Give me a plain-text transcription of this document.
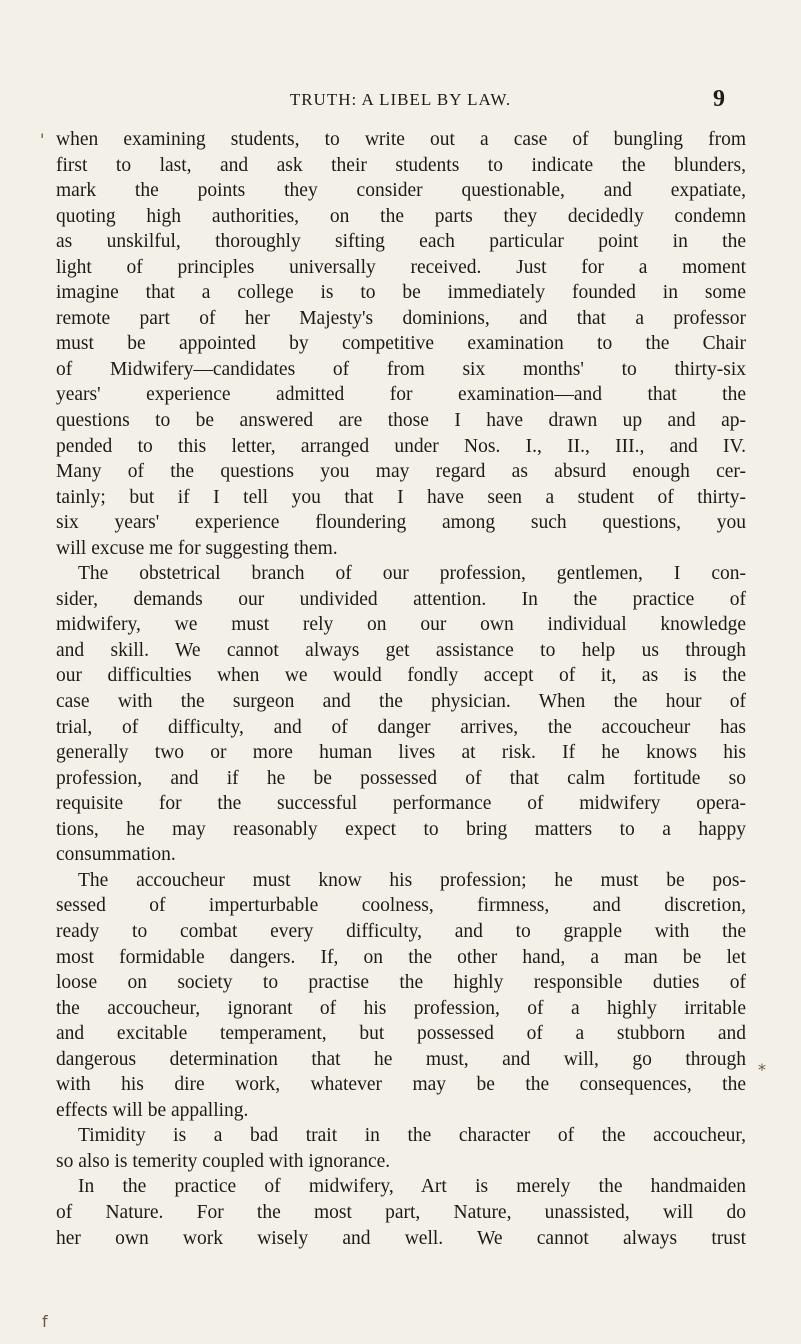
TRUTH: A LIBEL BY LAW.	9
'
*
f
when examining students, to write out a case of bungling from
first to last, and ask their students to indicate the blunders,
mark the points they consider questionable, and expatiate,
quoting high authorities, on the parts they decidedly condemn
as unskilful, thoroughly sifting each particular point in the
light of principles universally received. Just for a moment
imagine that a college is to be immediately founded in some
remote part of her Majesty's dominions, and that a professor
must be appointed by competitive examination to the Chair
of Midwifery—candidates of from six months' to thirty-six
years' experience admitted for examination—and that the
questions to be answered are those I have drawn up and ap-
pended to this letter, arranged under Nos. I., II., III., and IV.
Many of the questions you may regard as absurd enough cer-
tainly; but if I tell you that I have seen a student of thirty-
six years' experience floundering among such questions, you
will excuse me for suggesting them.
The obstetrical branch of our profession, gentlemen, I con-
sider, demands our undivided attention. In the practice of
midwifery, we must rely on our own individual knowledge
and skill. We cannot always get assistance to help us through
our difficulties when we would fondly accept of it, as is the
case with the surgeon and the physician. When the hour of
trial, of difficulty, and of danger arrives, the accoucheur has
generally two or more human lives at risk. If he knows his
profession, and if he be possessed of that calm fortitude so
requisite for the successful performance of midwifery opera-
tions, he may reasonably expect to bring matters to a happy
consummation.
The accoucheur must know his profession; he must be pos-
sessed of imperturbable coolness, firmness, and discretion,
ready to combat every difficulty, and to grapple with the
most formidable dangers. If, on the other hand, a man be let
loose on society to practise the highly responsible duties of
the accoucheur, ignorant of his profession, of a highly irritable
and excitable temperament, but possessed of a stubborn and
dangerous determination that he must, and will, go through
with his dire work, whatever may be the consequences, the
effects will be appalling.
Timidity is a bad trait in the character of the accoucheur,
so also is temerity coupled with ignorance.
In the practice of midwifery, Art is merely the handmaiden
of Nature. For the most part, Nature, unassisted, will do
her own work wisely and well. We cannot always trust
